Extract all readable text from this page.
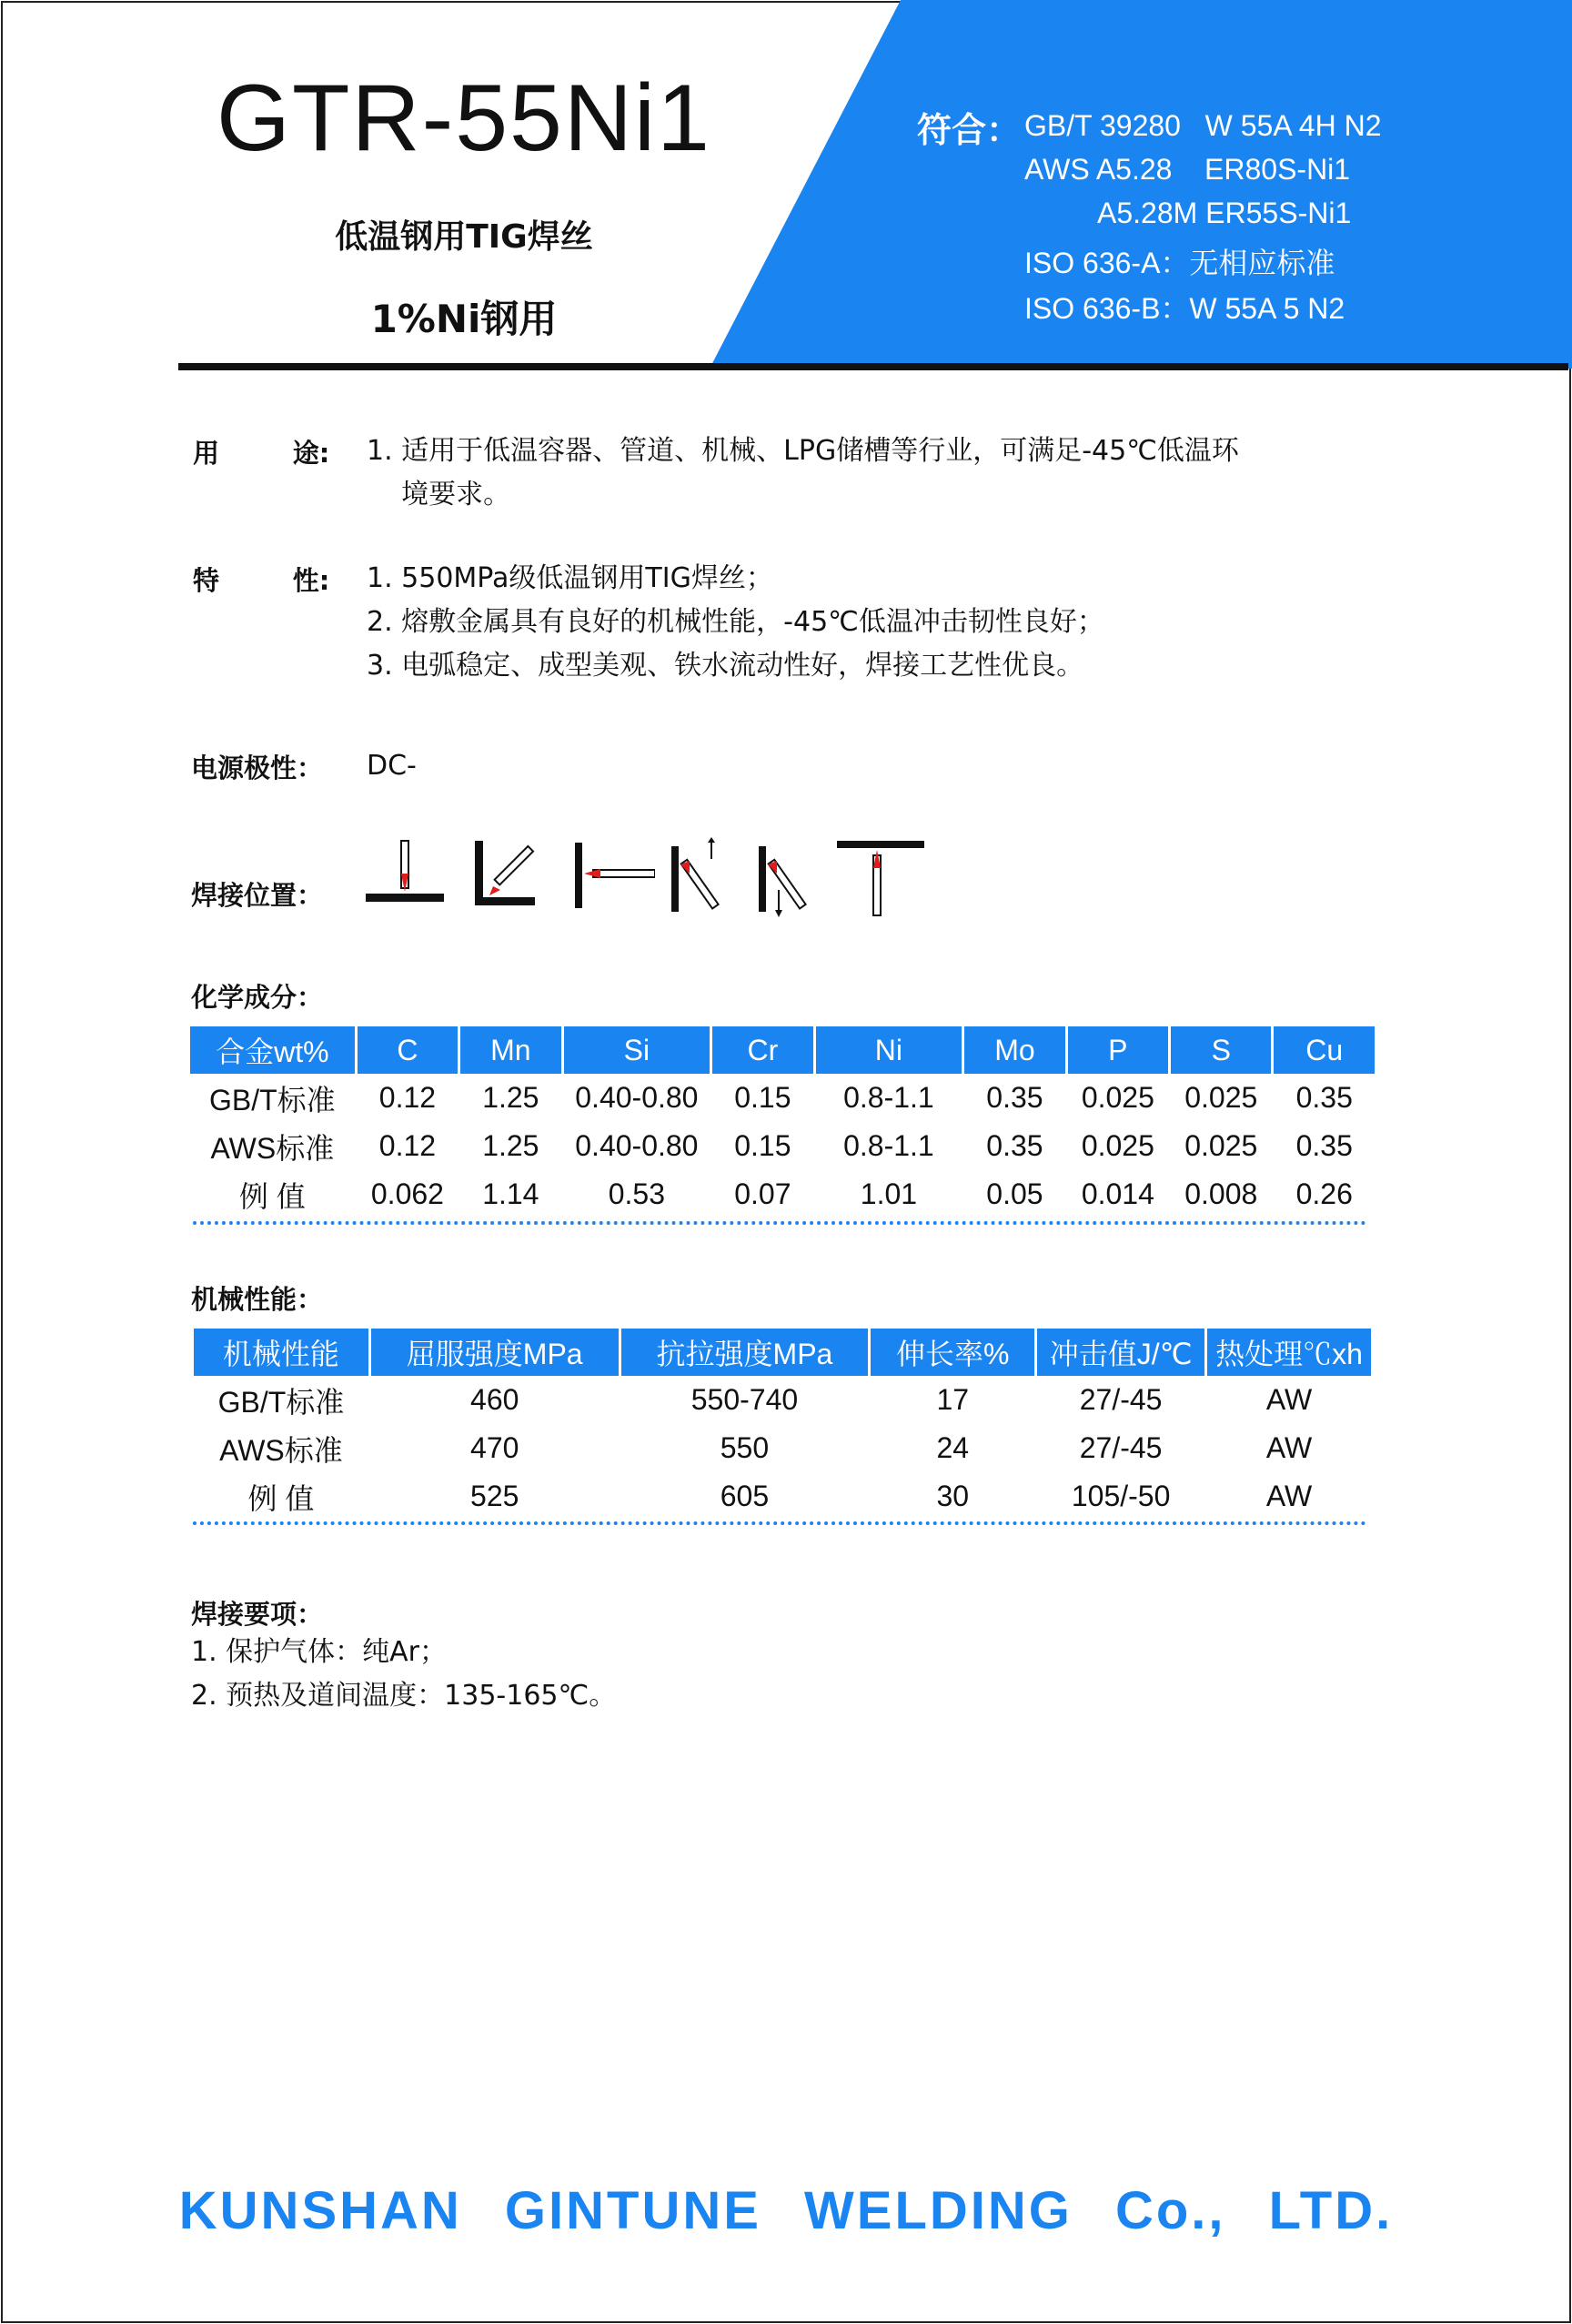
GTR-55Ni1
低温钢用TIG焊丝
1%Ni钢用
符合： GB/T 39280   W 55A 4H N2
AWS A5.28    ER80S-Ni1
A5.28M ER55S-Ni1
ISO 636-A：无相应标准
ISO 636-B：W 55A 5 N2
用        途: 1. 适用于低温容器、管道、机械、LPG储槽等行业，可满足-45℃低温环
境要求。
特        性: 1. 550MPa级低温钢用TIG焊丝；
2. 熔敷金属具有良好的机械性能，-45℃低温冲击韧性良好；
3. 电弧稳定、成型美观、铁水流动性好，焊接工艺性优良。
电源极性： DC-
焊接位置：
化学成分：
合金wt%	C	Mn	Si	Cr	Ni	Mo	P	S	Cu
GB/T标准	0.12	1.25	0.40-0.80	0.15	0.8-1.1	0.35	0.025	0.025	0.35
AWS标准	0.12	1.25	0.40-0.80	0.15	0.8-1.1	0.35	0.025	0.025	0.35
例 值	0.062	1.14	0.53	0.07	1.01	0.05	0.014	0.008	0.26
机械性能：
机械性能	屈服强度MPa	抗拉强度MPa	伸长率%	冲击值J/℃	热处理℃xh
GB/T标准	460	550-740	17	27/-45	AW
AWS标准	470	550	24	27/-45	AW
例 值	525	605	30	105/-50	AW
焊接要项：
1. 保护气体：纯Ar；
2. 预热及道间温度：135-165℃。
KUNSHAN GINTUNE WELDING Co., LTD.
